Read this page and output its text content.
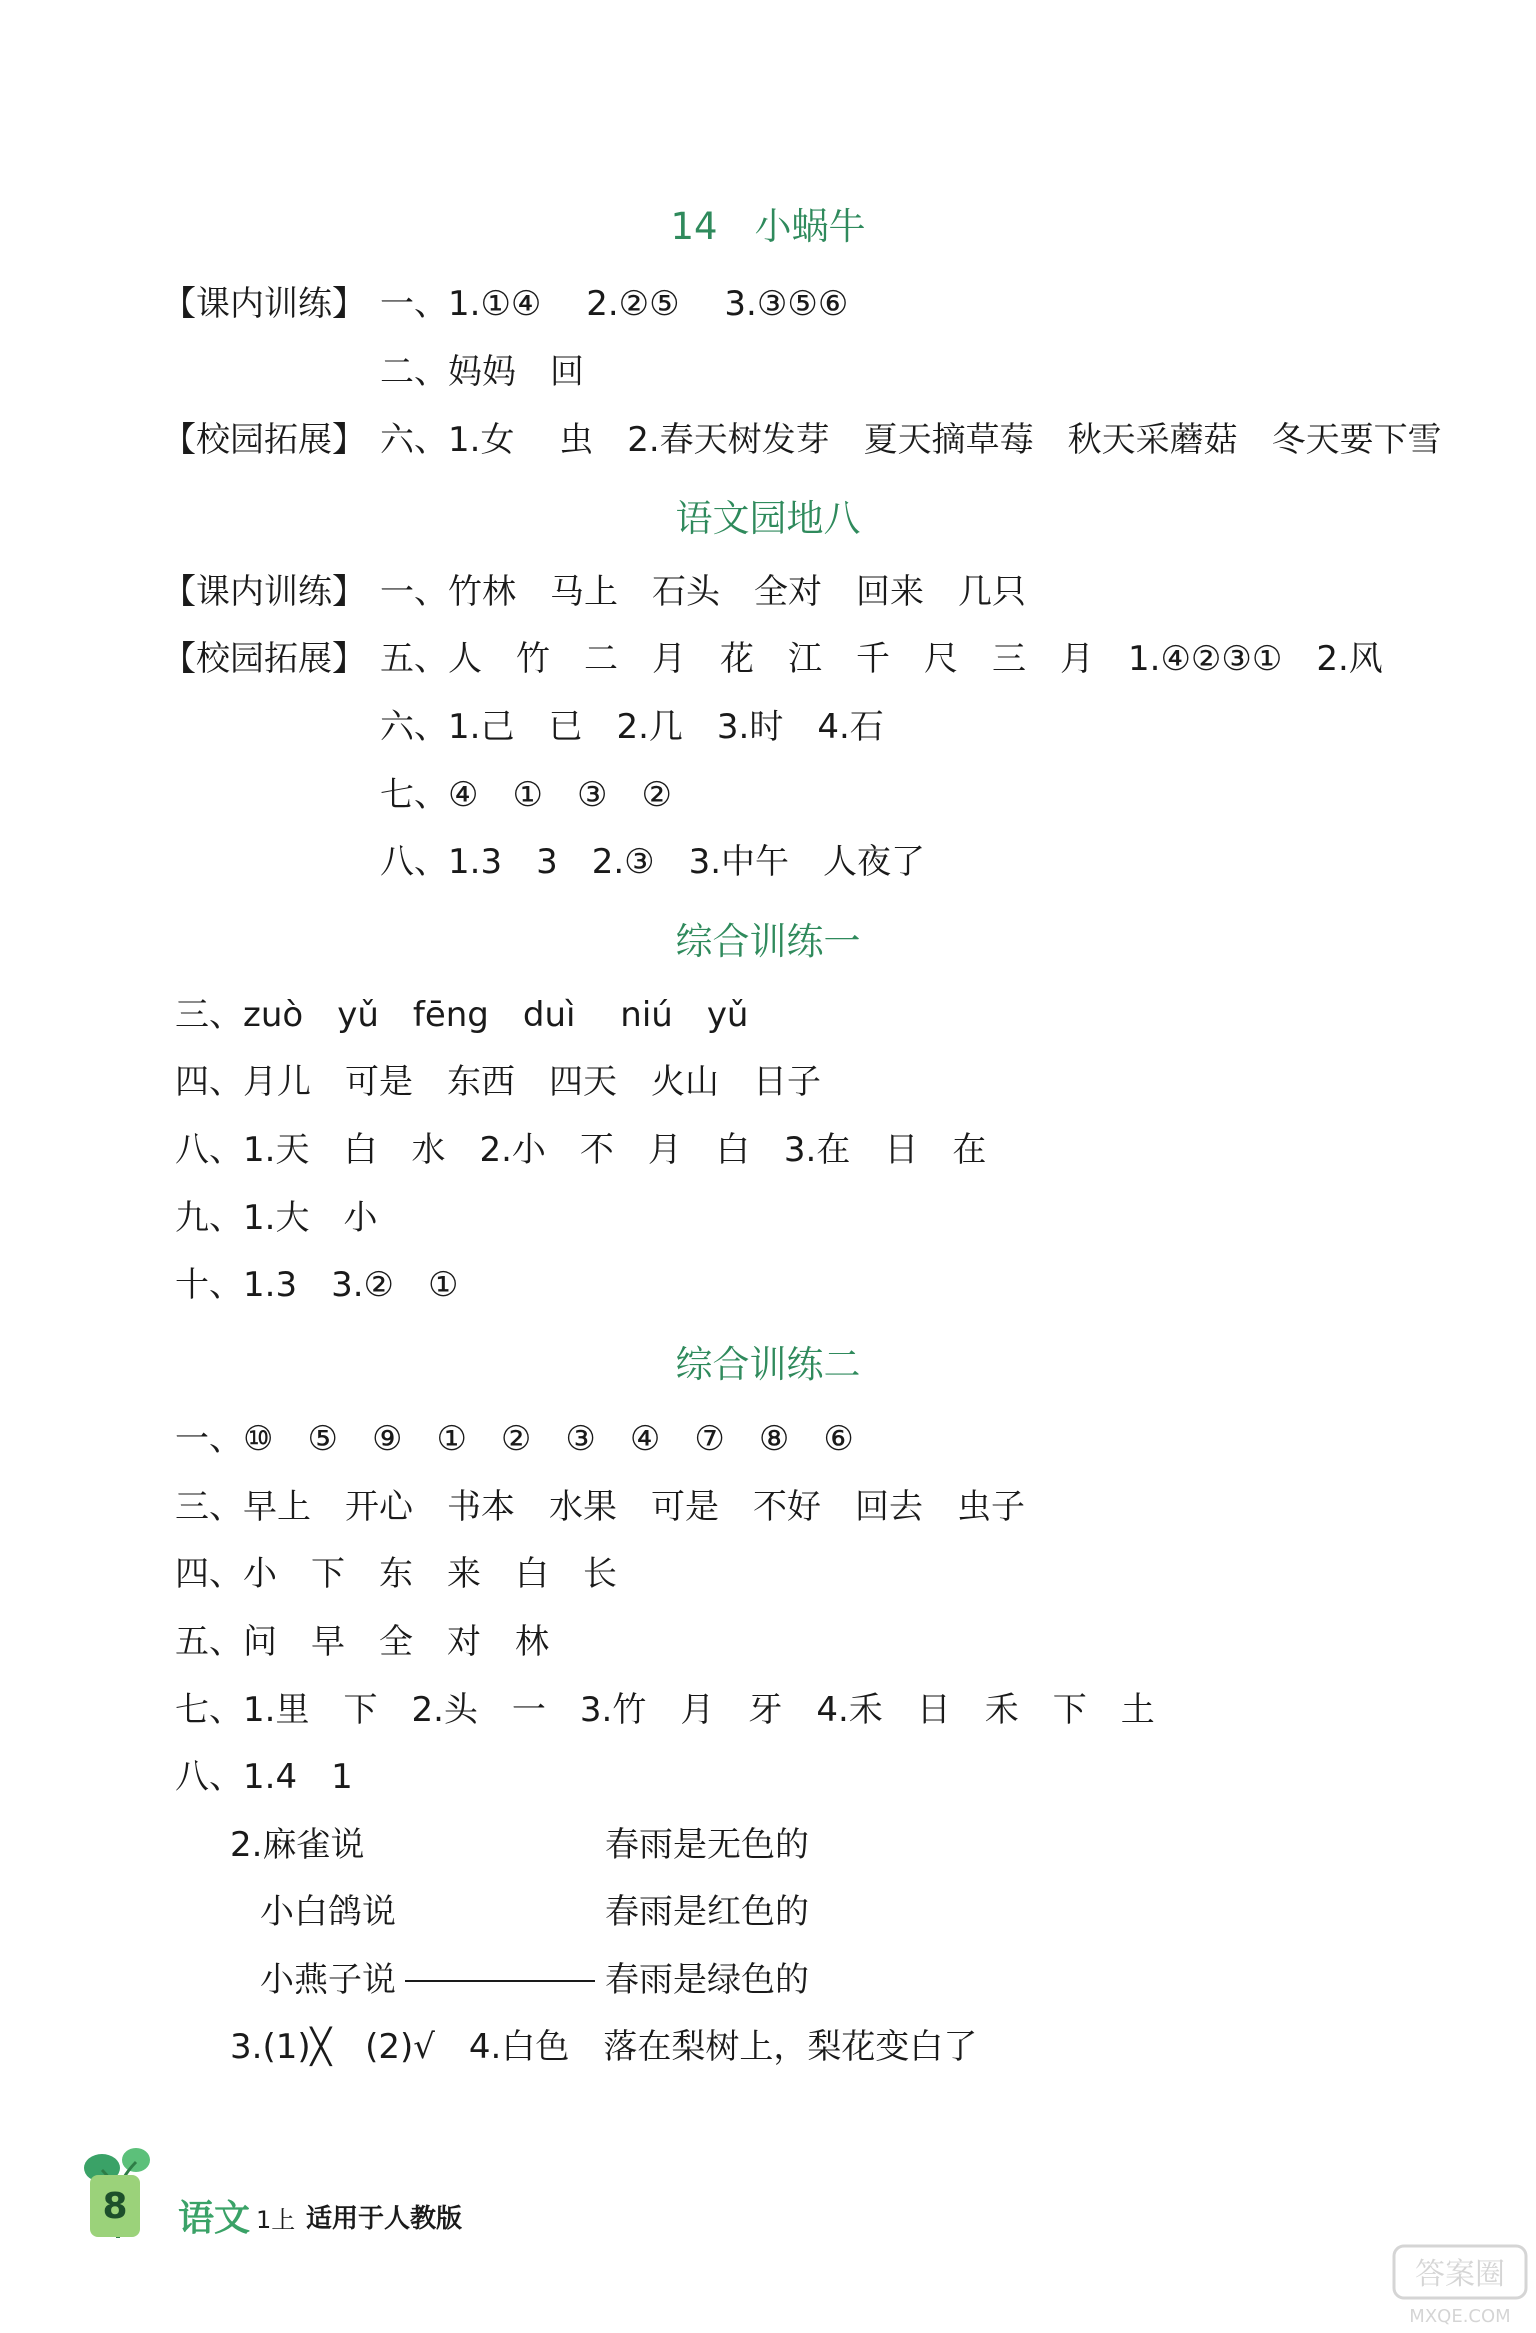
14　小蜗牛
【课内训练】 一、1.①④　 2.②⑤　 3.③⑤⑥
二、妈妈　回
【校园拓展】 六、1.女　 虫　2.春天树发芽　夏天摘草莓　秋天采蘑菇　冬天要下雪
语文园地八
【课内训练】 一、竹林　马上　石头　全对　回来　几只
【校园拓展】 五、人　竹　二　月　花　江　千　尺　三　月　1.④②③①　2.风
六、1.己　已　2.几　3.时　4.石
七、④　①　③　②
八、1.3　3　2.③　3.中午　人夜了
综合训练一
三、zuò　yǔ　fēng　duì　 niú　yǔ
四、月儿　可是　东西　四天　火山　日子
八、1.天　白　水　2.小　不　月　白　3.在　日　在
九、1.大　小
十、1.3　3.②　①
综合训练二
一、⑩　⑤　⑨　①　②　③　④　⑦　⑧　⑥
三、早上　开心　书本　水果　可是　不好　回去　虫子
四、小　下　东　来　白　长
五、问　早　全　对　林
七、1.里　下　2.头　一　3.竹　月　牙　4.禾　日　禾　下　土
八、1.4　1
2.麻雀说	春雨是无色的
小白鸽说	春雨是红色的
小燕子说	春雨是绿色的
3.(1)╳　(2)√　4.白色　落在梨树上，梨花变白了
8 语文 1上 适用于人教版
答案圈
MXQE.COM
